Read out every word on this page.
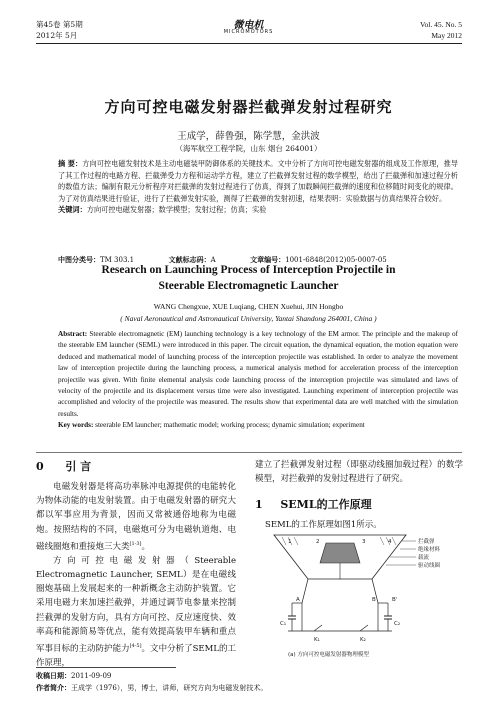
第45卷 第5期
2012年 5月
微电机
MICROMOTORS
Vol. 45. No. 5
May 2012
方向可控电磁发射器拦截弹发射过程研究
王成学，薛鲁强，陈学慧，金洪波
（海军航空工程学院，山东 烟台 264001）
摘 要：方向可控电磁发射技术是主动电磁装甲防御体系的关键技术。文中分析了方向可控电磁发射器的组成及工作原理，推导了其工作过程的电路方程、拦截弹受力方程和运动学方程，建立了拦截弹发射过程的数学模型，给出了拦截弹和加速过程分析的数值方法；编制有限元分析程序对拦截弹的发射过程进行了仿真，得到了加载瞬间拦截弹的速度和位移随时间变化的规律。为了对仿真结果进行验证，进行了拦截弹发射实验，测得了拦截弹的发射初速，结果表明：实验数据与仿真结果符合较好。
关键词：方向可控电磁发射器；数学模型；发射过程；仿真；实验
中图分类号：TM 303.1	文献标志码：A	文章编号：1001-6848(2012)05-0007-05
Research on Launching Process of Interception Projectile in
Steerable Electromagnetic Launcher
WANG Chengxue, XUE Luqiang, CHEN Xuehui, JIN Hongbo
( Naval Aeronautical and Astronautical University, Yantai Shandong 264001, China )
Abstract: Steerable electromagnetic (EM) launching technology is a key technology of the EM armor. The principle and the makeup of the steerable EM launcher (SEML) were introduced in this paper. The circuit equation, the dynamical equation, the motion equation were deduced and mathematical model of launching process of the interception projectile was established. In order to analyze the movement law of interception projectile during the launching process, a numerical analysis method for acceleration process of the interception projectile was given. With finite elemental analysis code launching process of the interception projectile was simulated and laws of velocity of the projectile and its displacement versus time were also investigated. Launching experiment of interception projectile was accomplished and velocity of the projectile was measured. The results show that experimental data are well matched with the simulation results.
Key words: steerable EM launcher; mathematic model; working process; dynamic simulation; experiment
0 引 言
电磁发射器是将高功率脉冲电源提供的电能转化为物体动能的电发射装置。由于电磁发射器的研究大都以军事应用为背景，因而又常被通俗地称为电磁炮。按照结构的不同，电磁炮可分为电磁轨道炮、电磁线圈炮和重接炮三大类[1-3]。
方向可控电磁发射器（Steerable Electromagnetic Launcher, SEML）是在电磁线圈炮基础上发展起来的一种新概念主动防护装置。它采用电磁力来加速拦截弹，并通过调节电参量来控制拦截弹的发射方向，具有方向可控、反应速度快、效率高和能源简易等优点，能有效提高装甲车辆和重点军事目标的主动防护能力[4-5]。文中分析了SEML的工作原理，
建立了拦截弹发射过程（即驱动线圈加载过程）的数学模型，对拦截弹的发射过程进行了研究。
1 SEML的工作原理
SEML的工作原理如图1所示。
拦截弹
绝缘材料
载流
驱动线圈
1	2	3	4
A	B	B'
C₁
K₁
C₂
K₂
(a) 方向可控电磁发射器物理模型
收稿日期：2011-09-09
作者简介：王成学（1976），男，博士，讲师，研究方向为电磁发射技术。
